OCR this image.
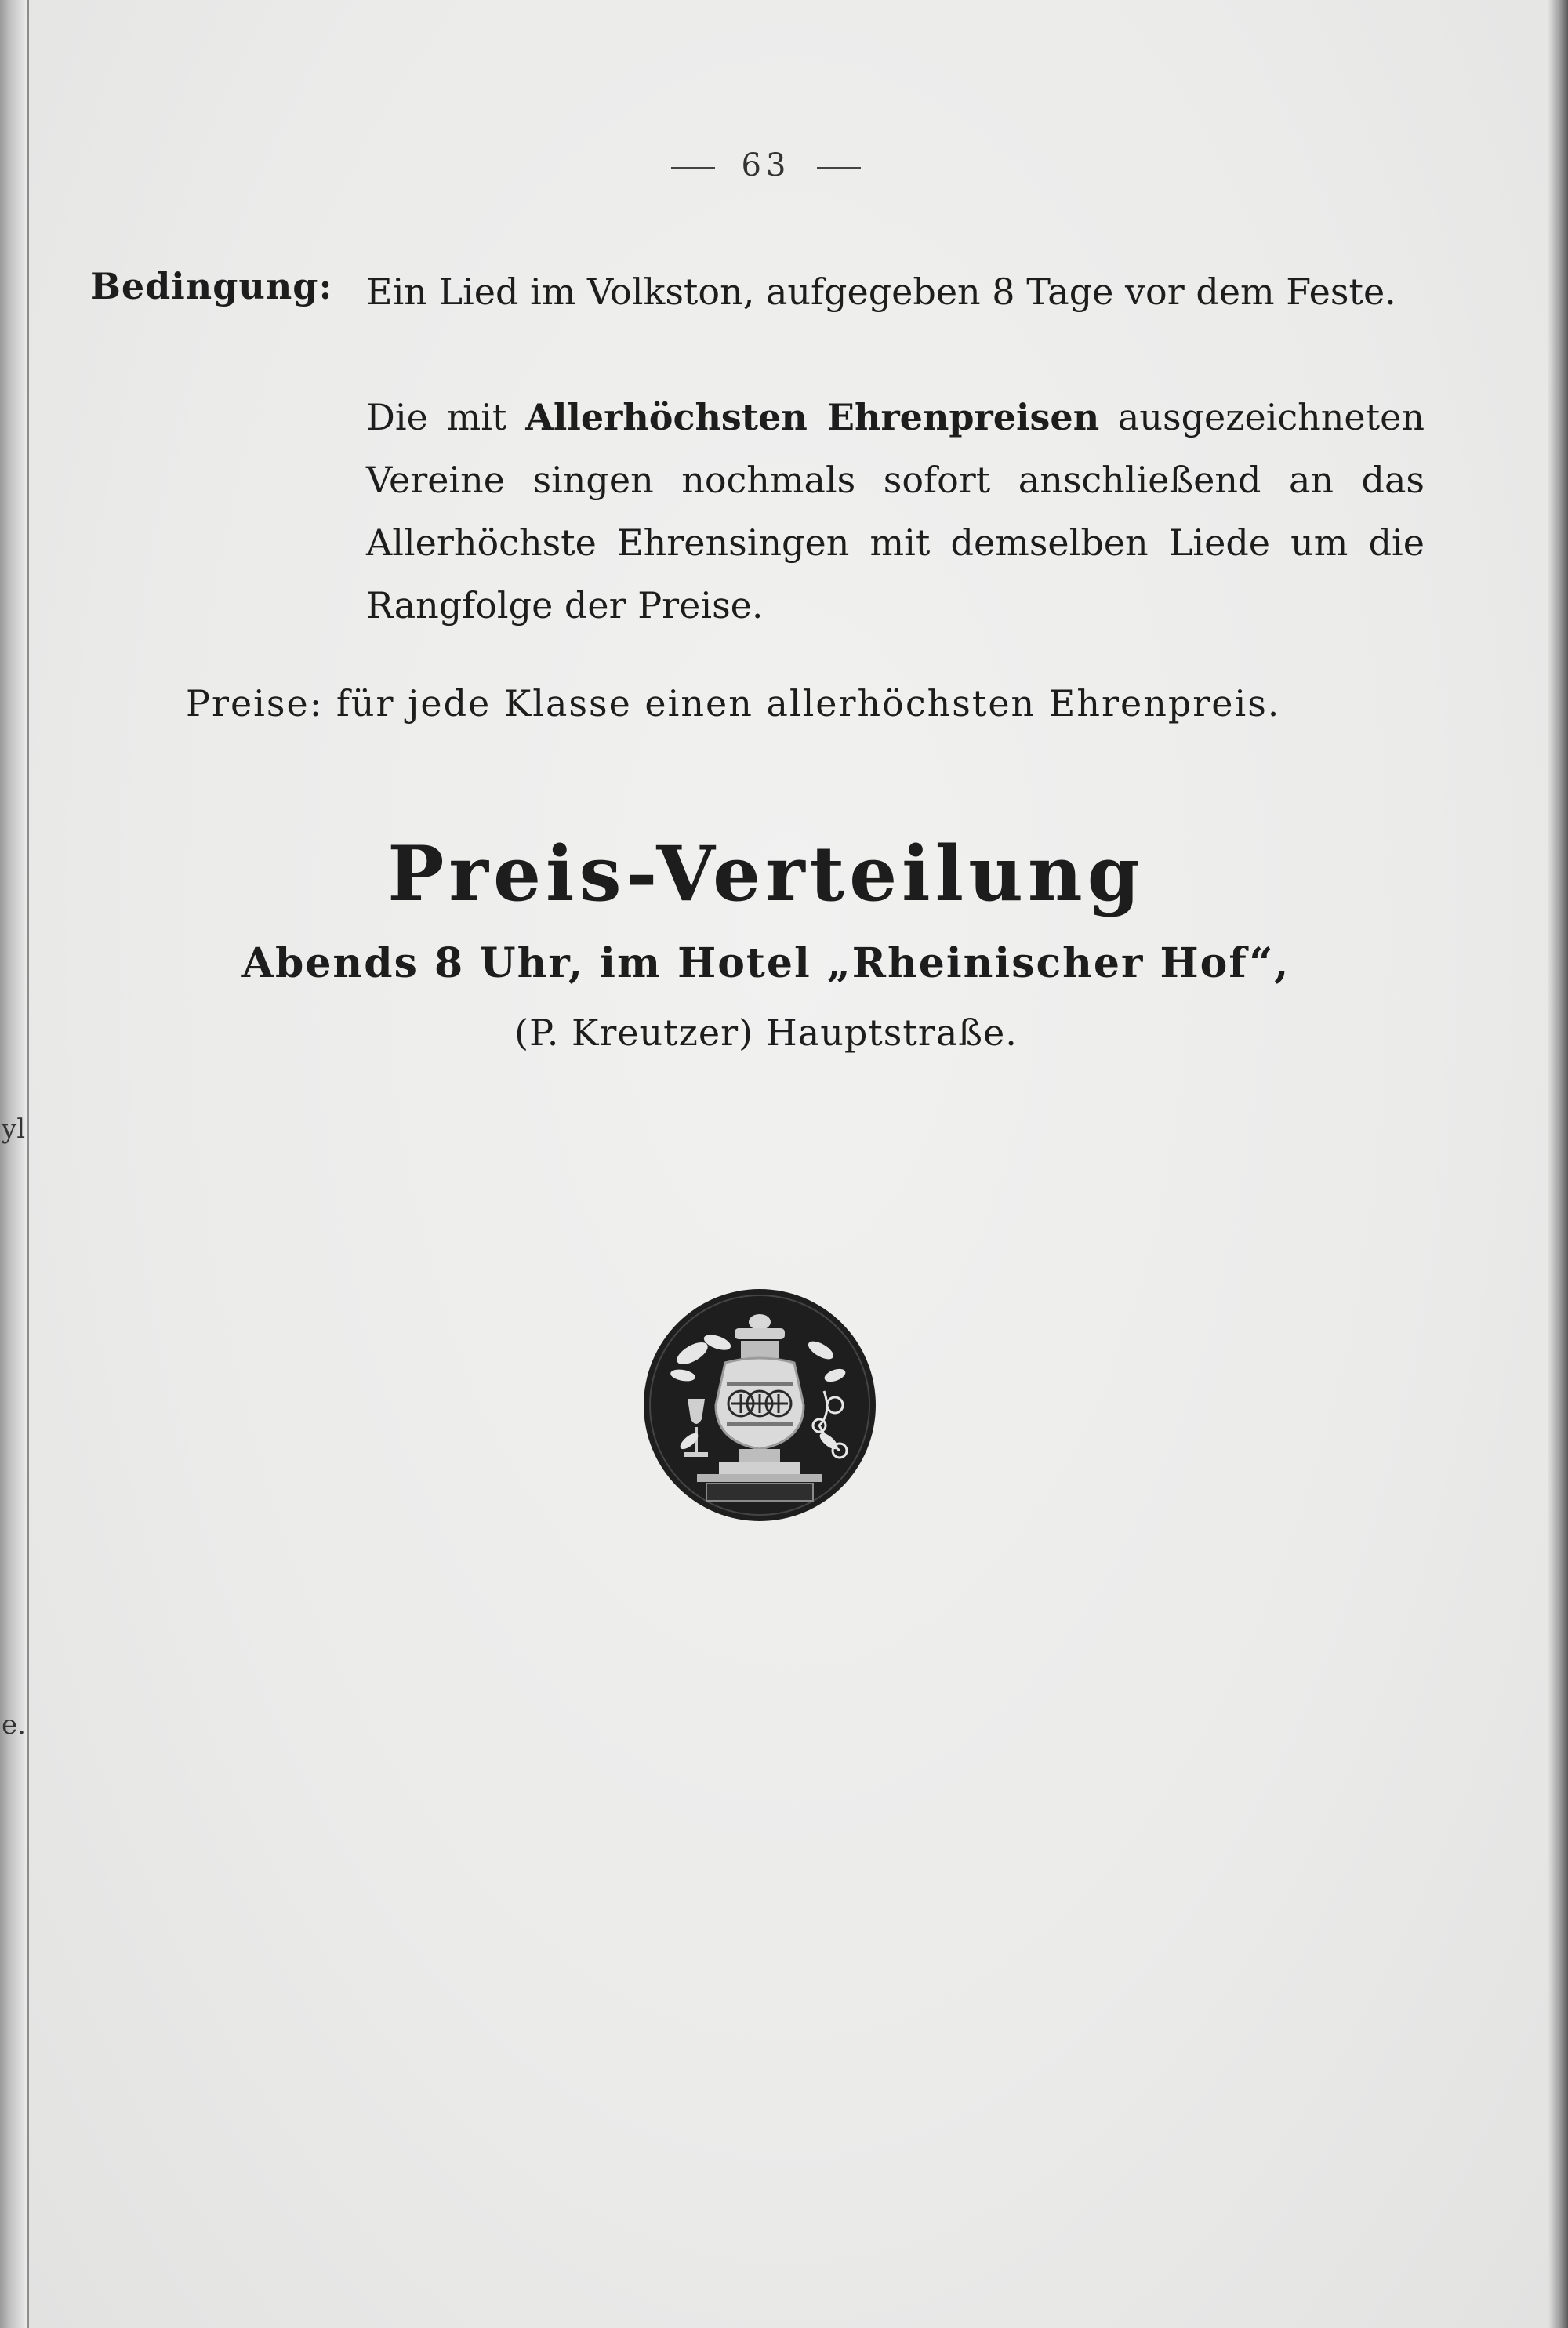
yl
e.
63
Bedingung: Ein Lied im Volkston, aufgegeben 8 Tage vor dem Feste.
Die mit Allerhöchsten Ehrenpreisen ausgezeichneten Vereine singen nochmals sofort anschließend an das Allerhöchste Ehrensingen mit demselben Liede um die Rangfolge der Preise.
Preise: für jede Klasse einen allerhöchsten Ehrenpreis.
Preis-Verteilung
Abends 8 Uhr, im Hotel „Rheinischer Hof“,
(P. Kreutzer) Hauptstraße.
